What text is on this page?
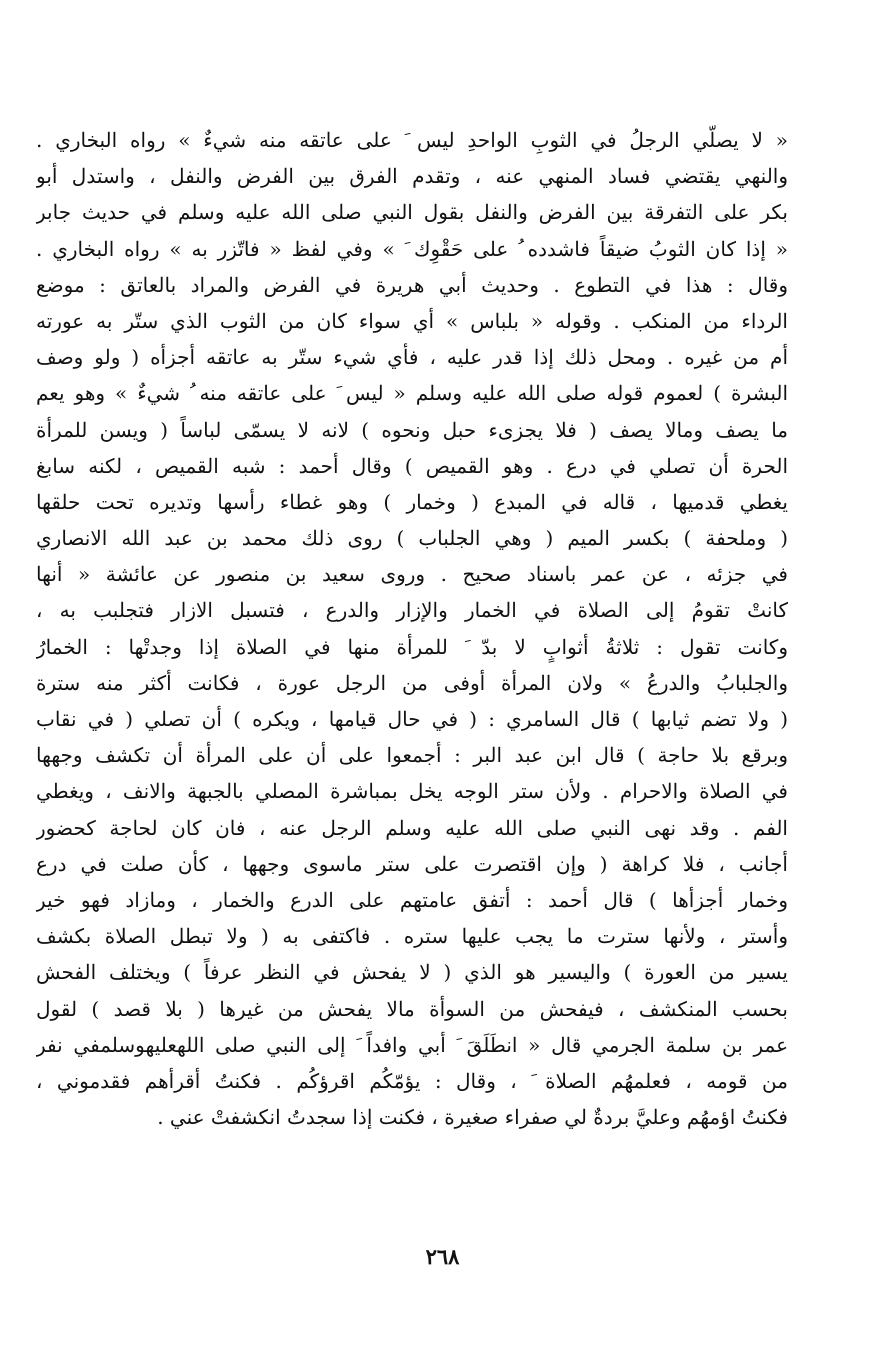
« لا يصلّي الرجلُ في الثوبِ الواحدِ ليس َ على عاتقه منه شيءٌ » رواه البخاري .
والنهي يقتضي فساد المنهي عنه ، وتقدم الفرق بين الفرض والنفل ، واستدل أبو
بكر على التفرقة بين الفرض والنفل بقول النبي صلى الله عليه وسلم في حديث جابر
« إذا كان الثوبُ ضيقاً فاشدده ُ على حَقْوِك َ » وفي لفظ « فاتّزر به » رواه البخاري .
وقال : هذا في التطوع . وحديث أبي هريرة في الفرض والمراد بالعاتق : موضع
الرداء من المنكب . وقوله « بلباس » أي سواء كان من الثوب الذي ستّر به عورته
أم من غيره . ومحل ذلك إذا قدر عليه ، فأي شيء ستّر به عاتقه أجزأه ( ولو وصف
البشرة ) لعموم قوله صلى الله عليه وسلم « ليس َ على عاتقه منه ُ شيءٌ » وهو يعم
ما يصف ومالا يصف ( فلا يجزىء حبل ونحوه ) لانه لا يسمّى لباساً ( ويسن للمرأة
الحرة أن تصلي في درع . وهو القميص ) وقال أحمد : شبه القميص ، لكنه سابغ
يغطي قدميها ، قاله في المبدع ( وخمار ) وهو غطاء رأسها وتديره تحت حلقها
( وملحفة ) بكسر الميم ( وهي الجلباب ) روى ذلك محمد بن عبد الله الانصاري
في جزئه ، عن عمر باسناد صحيح . وروى سعيد بن منصور عن عائشة « أنها
كانتْ تقومُ إلى الصلاة في الخمار والإزار والدرع ، فتسبل الازار فتجلبب به ،
وكانت تقول : ثلاثةُ أثوابٍ لا بدّ َ للمرأة منها في الصلاة إذا وجدتْها : الخمارُ
والجلبابُ والدرعُ » ولان المرأة أوفى من الرجل عورة ، فكانت أكثر منه سترة
( ولا تضم ثيابها ) قال السامري : ( في حال قيامها ، ويكره ) أن تصلي ( في نقاب
وبرقع بلا حاجة ) قال ابن عبد البر : أجمعوا على أن على المرأة أن تكشف وجهها
في الصلاة والاحرام . ولأن ستر الوجه يخل بمباشرة المصلي بالجبهة والانف ، ويغطي
الفم . وقد نهى النبي صلى الله عليه وسلم الرجل عنه ، فان كان لحاجة كحضور
أجانب ، فلا كراهة ( وإن اقتصرت على ستر ماسوى وجهها ، كأن صلت في درع
وخمار أجزأها ) قال أحمد : أتفق عامتهم على الدرع والخمار ، ومازاد فهو خير
وأستر ، ولأنها سترت ما يجب عليها ستره . فاكتفى به ( ولا تبطل الصلاة بكشف
يسير من العورة ) واليسير هو الذي ( لا يفحش في النظر عرفاً ) ويختلف الفحش
بحسب المنكشف ، فيفحش من السوأة مالا يفحش من غيرها ( بلا قصد ) لقول
عمر بن سلمة الجرمي قال « انطَلَقَ َ أبي وافداً َ إلى النبي صلى اللهعليهوسلمفي نفر
من قومه ، فعلمهُم الصلاة َ ، وقال : يؤمّكُم اقرؤكُم . فكنتُ أقرأهم فقدموني ،
فكنتُ اؤمهُم وعليَّ بردةٌ لي صفراء صغيرة ، فكنت إذا سجدتُ انكشفتْ عني .
٢٦٨
